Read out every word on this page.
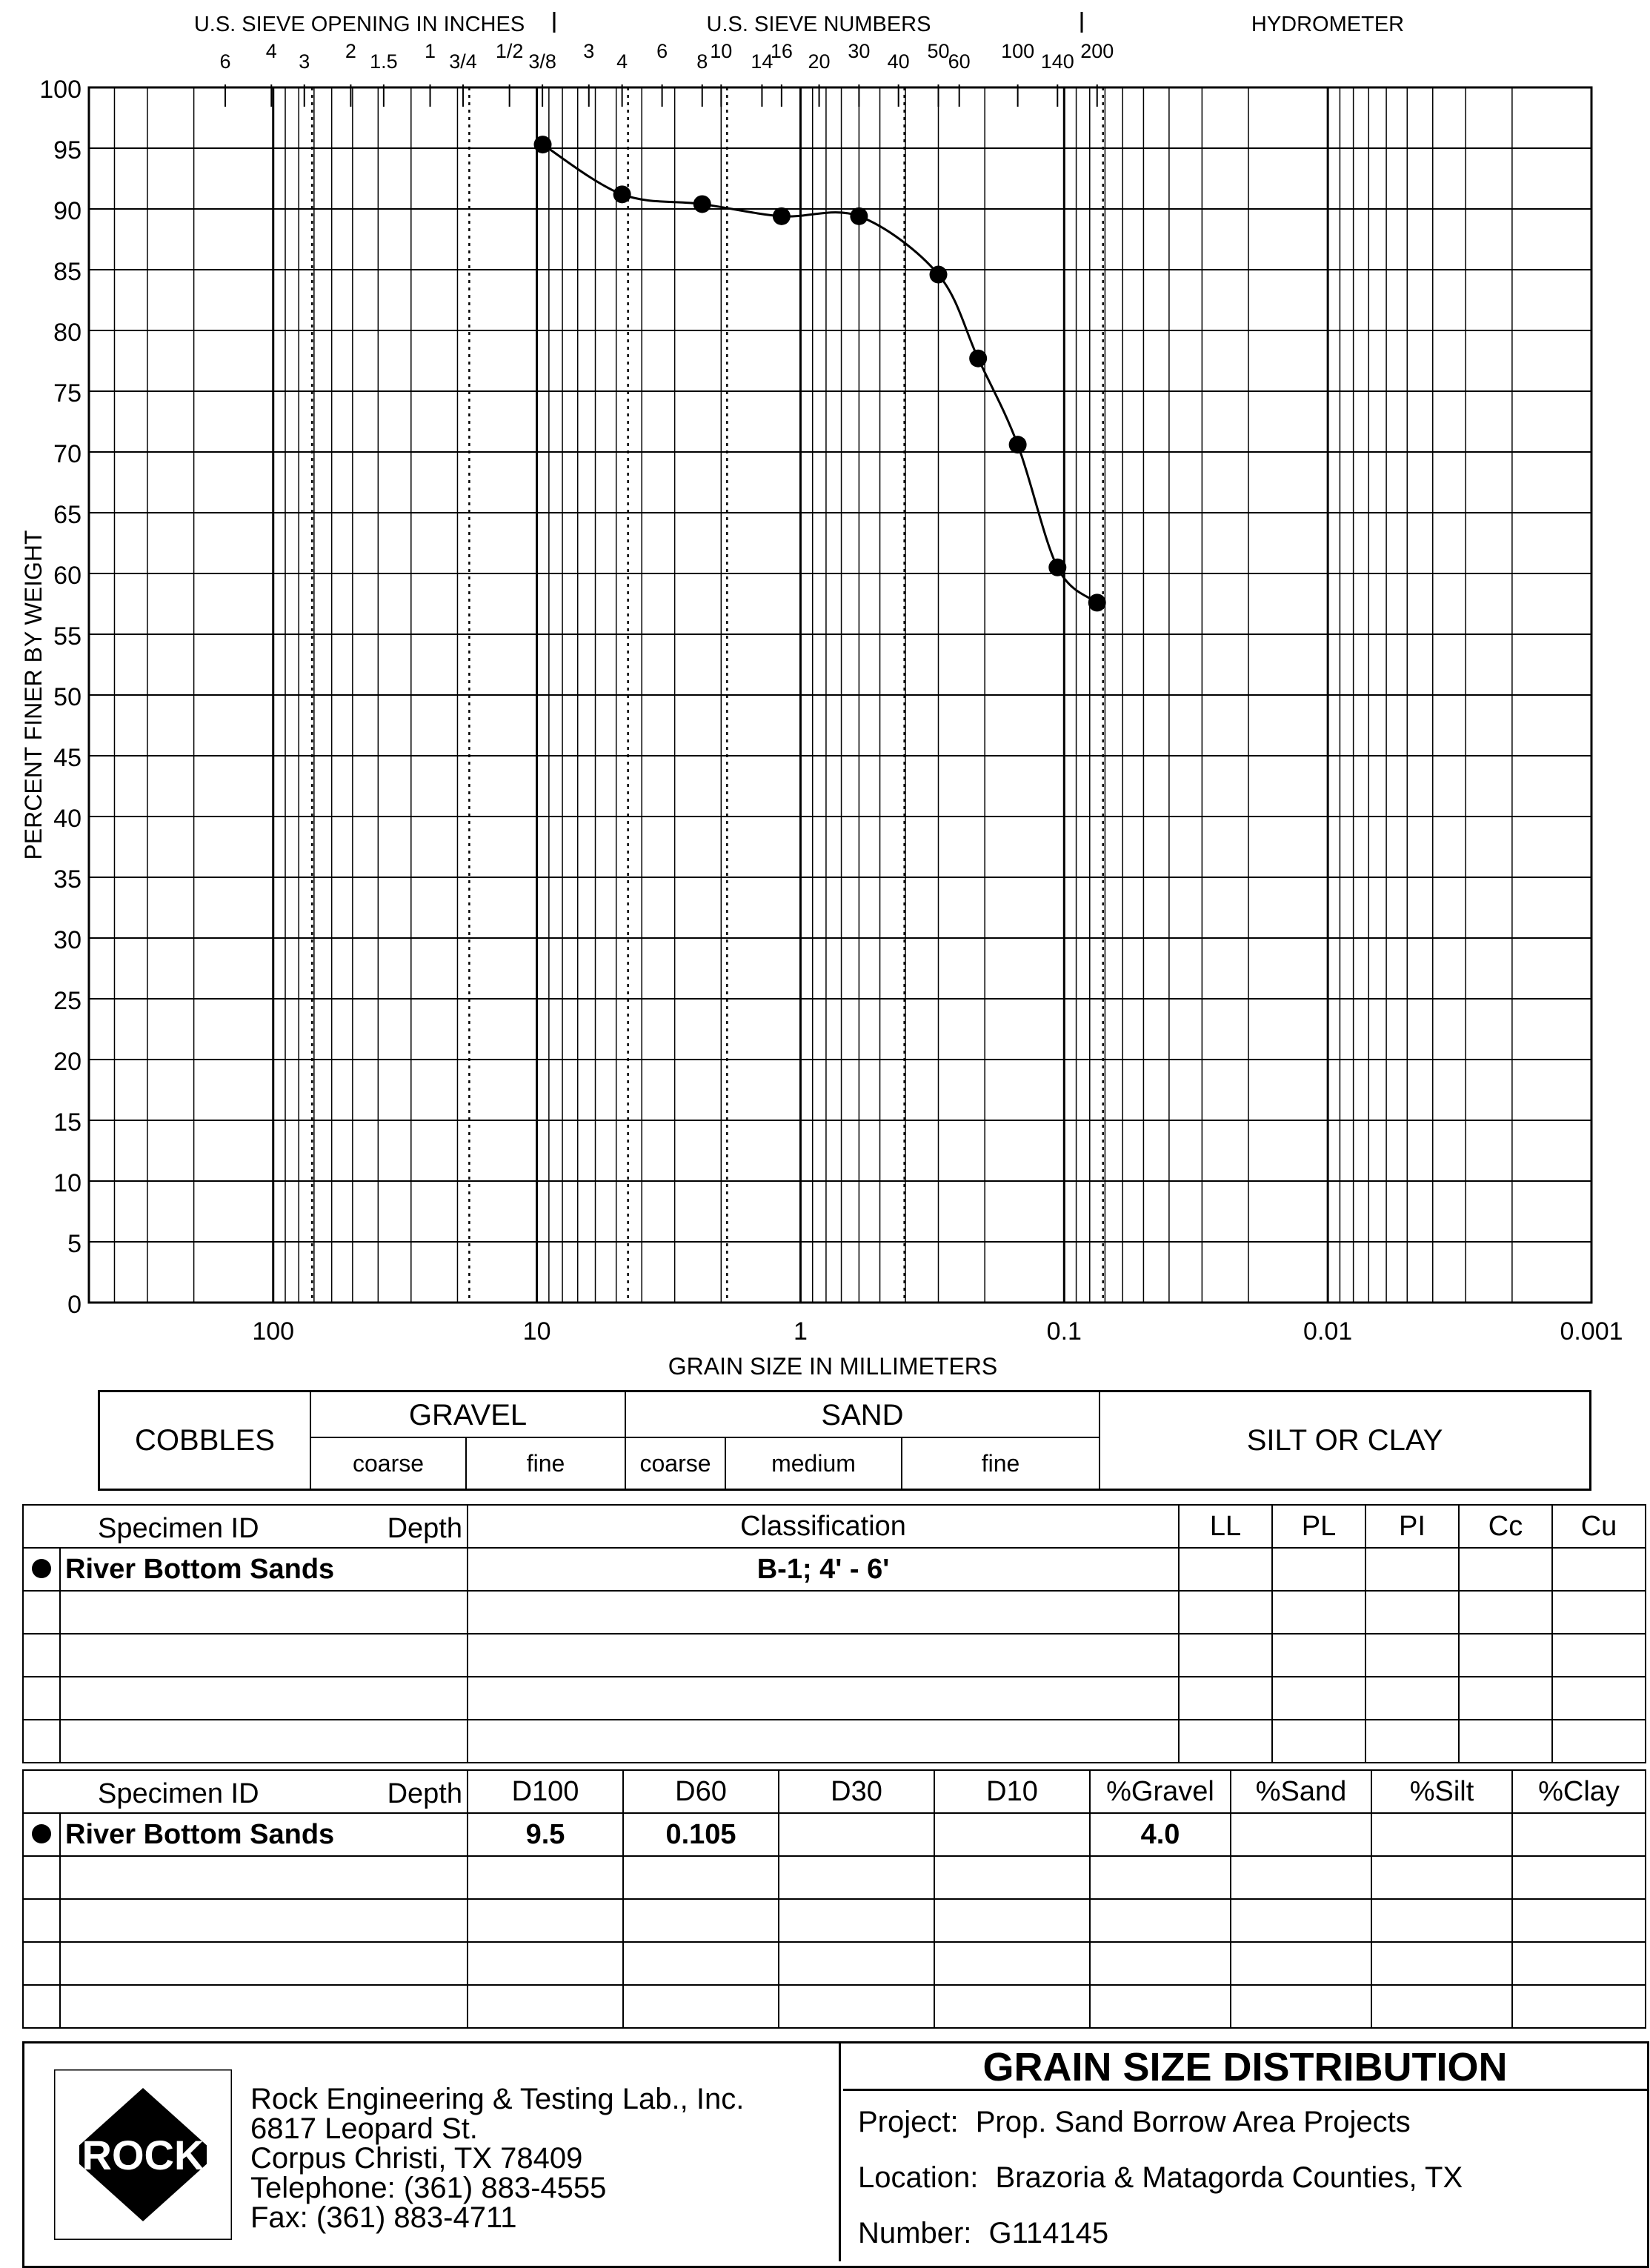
0
5
10
15
20
25
30
35
40
45
50
55
60
65
70
75
80
85
90
95
100
100	10	1	0.1	0.01	0.001
6 4 3 2 1.5 1 3/4 1/2 3/8 3 4 6 8 10 14
16 20 30 40 50
60 100 140 200
U.S. SIEVE OPENING IN INCHES	U.S. SIEVE NUMBERS	HYDROMETER
GRAIN SIZE IN MILLIMETERS
PERCENT FINER BY WEIGHT
COBBLES
GRAVEL
coarse	fine
SAND
coarse	medium	fine
SILT OR CLAY
Specimen ID Depth		Classification	LL	PL	PI	Cc	Cu
	River Bottom Sands	B-1; 4' - 6'					

Specimen ID Depth		D100	D60	D30	D10	%Gravel	%Sand	%Silt	%Clay
	River Bottom Sands	9.5	0.105			4.0			

ROCK
Rock Engineering & Testing Lab., Inc.
6817 Leopard St.
Corpus Christi, TX 78409
Telephone: (361) 883-4555
Fax: (361) 883-4711
GRAIN SIZE DISTRIBUTION
Project: Prop. Sand Borrow Area Projects
Location: Brazoria & Matagorda Counties, TX
Number: G114145
